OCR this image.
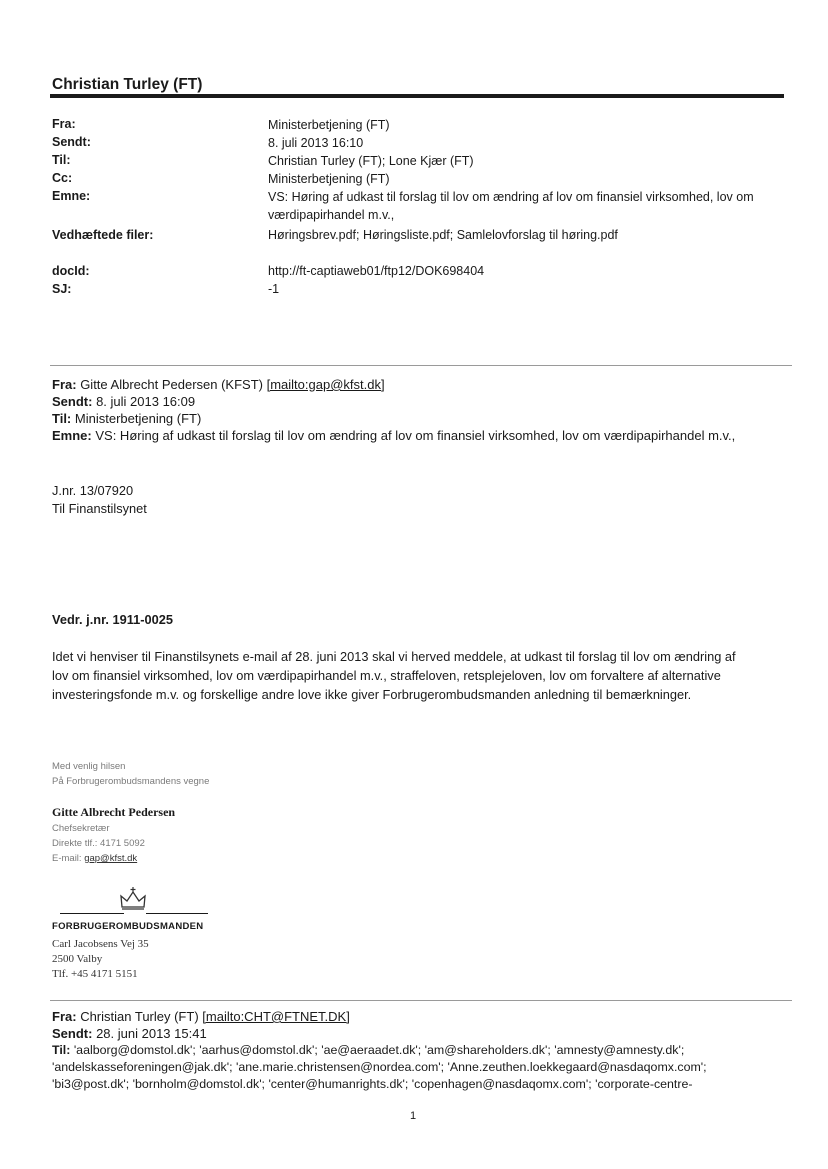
Christian Turley (FT)
Fra:	Ministerbetjening (FT)
Sendt:	8. juli 2013 16:10
Til:	Christian Turley (FT); Lone Kjær (FT)
Cc:	Ministerbetjening (FT)
Emne:	VS: Høring af udkast til forslag til lov om ændring af lov om finansiel virksomhed, lov om værdipapirhandel m.v.,
Vedhæftede filer:	Høringsbrev.pdf; Høringsliste.pdf; Samlelovforslag til høring.pdf
docId:	http://ft-captiaweb01/ftp12/DOK698404
SJ:	-1
Fra: Gitte Albrecht Pedersen (KFST) [mailto:gap@kfst.dk]
Sendt: 8. juli 2013 16:09
Til: Ministerbetjening (FT)
Emne: VS: Høring af udkast til forslag til lov om ændring af lov om finansiel virksomhed, lov om værdipapirhandel m.v.,
J.nr. 13/07920
Til Finanstilsynet
Vedr. j.nr. 1911-0025
Idet vi henviser til Finanstilsynets e-mail af 28. juni 2013 skal vi herved meddele, at udkast til forslag til lov om ændring af lov om finansiel virksomhed, lov om værdipapirhandel m.v., straffeloven, retsplejeloven, lov om forvaltere af alternative investeringsfonde m.v. og forskellige andre love ikke giver Forbrugerombudsmanden anledning til bemærkninger.
Med venlig hilsen
På Forbrugerombudsmandens vegne
Gitte Albrecht Pedersen
Chefsekretær
Direkte tlf.: 4171 5092
E-mail: gap@kfst.dk
FORBRUGEROMBUDSMANDEN
Carl Jacobsens Vej 35
2500 Valby
Tlf. +45 4171 5151
Fra: Christian Turley (FT) [mailto:CHT@FTNET.DK]
Sendt: 28. juni 2013 15:41
Til: 'aalborg@domstol.dk'; 'aarhus@domstol.dk'; 'ae@aeraadet.dk'; 'am@shareholders.dk'; 'amnesty@amnesty.dk';
'andelskasseforeningen@jak.dk'; 'ane.marie.christensen@nordea.com'; 'Anne.zeuthen.loekkegaard@nasdaqomx.com';
'bi3@post.dk'; 'bornholm@domstol.dk'; 'center@humanrights.dk'; 'copenhagen@nasdaqomx.com'; 'corporate-centre-
1
